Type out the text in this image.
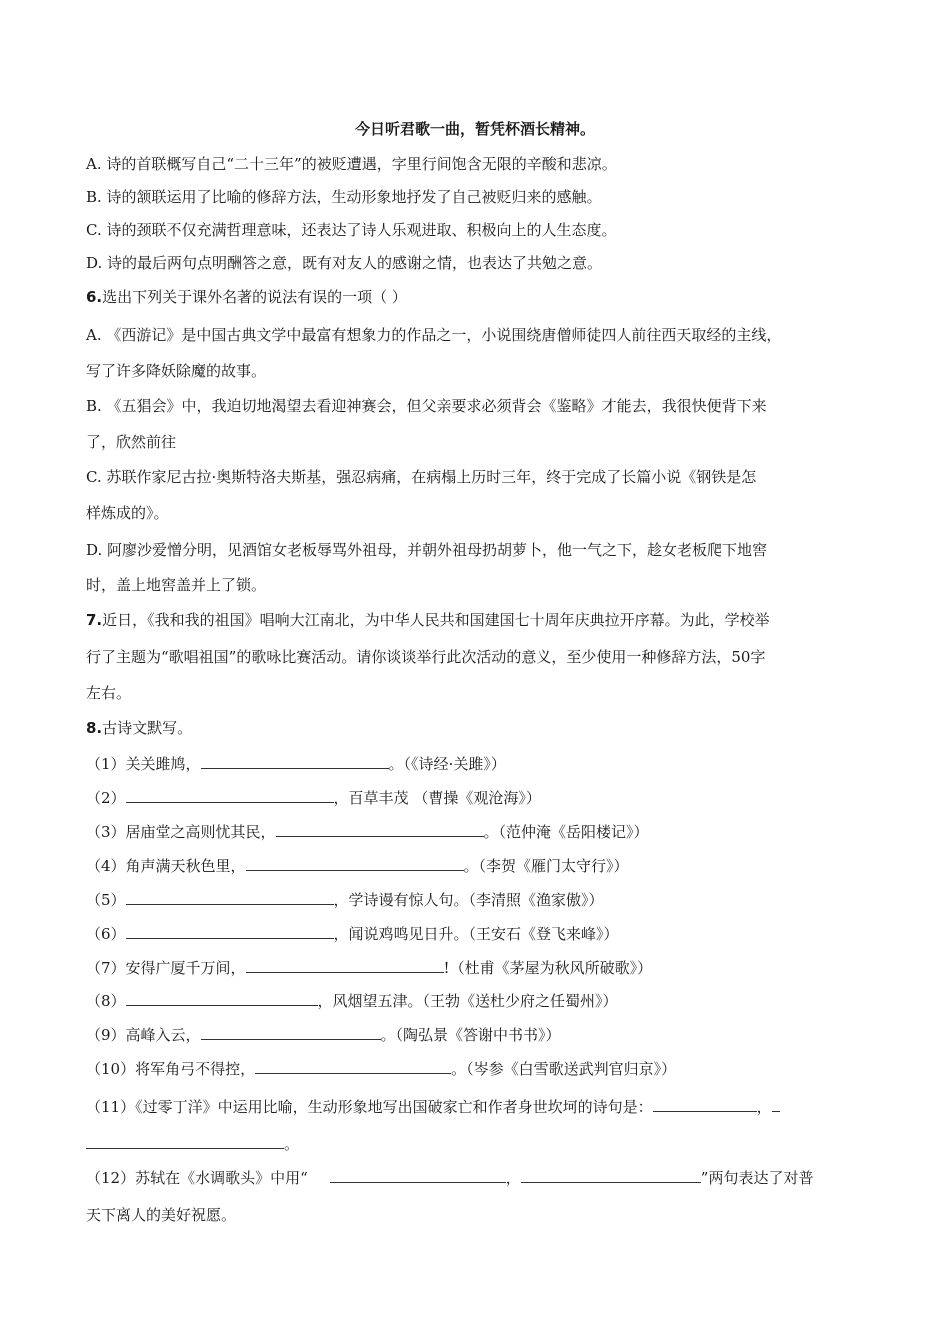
今日听君歌一曲，暂凭杯酒长精神。
A. 诗的首联概写自己“二十三年”的被贬遭遇，字里行间饱含无限的辛酸和悲凉。
B. 诗的颔联运用了比喻的修辞方法，生动形象地抒发了自己被贬归来的感触。
C. 诗的颈联不仅充满哲理意味，还表达了诗人乐观进取、积极向上的人生态度。
D. 诗的最后两句点明酬答之意，既有对友人的感谢之情，也表达了共勉之意。
6.选出下列关于课外名著的说法有误的一项（ ）
A. 《西游记》是中国古典文学中最富有想象力的作品之一，小说围绕唐僧师徒四人前往西天取经的主线，
写了许多降妖除魔的故事。
B. 《五猖会》中，我迫切地渴望去看迎神赛会，但父亲要求必须背会《鉴略》才能去，我很快便背下来
了，欣然前往
C. 苏联作家尼古拉·奥斯特洛夫斯基，强忍病痛，在病榻上历时三年，终于完成了长篇小说《钢铁是怎
样炼成的》。
D. 阿廖沙爱憎分明，见酒馆女老板辱骂外祖母，并朝外祖母扔胡萝卜，他一气之下，趁女老板爬下地窖
时，盖上地窖盖并上了锁。
7.近日，《我和我的祖国》唱响大江南北，为中华人民共和国建国七十周年庆典拉开序幕。为此，学校举
行了主题为“歌唱祖国”的歌咏比赛活动。请你谈谈举行此次活动的意义，至少使用一种修辞方法，50字
左右。
8.古诗文默写。
（1）关关雎鸠，	。（《诗经·关雎》）
（2）	，百草丰茂 （曹操《观沧海》）
（3）居庙堂之高则忧其民，	。（范仲淹《岳阳楼记》）
（4）角声满天秋色里，	。（李贺《雁门太守行》）
（5）	，学诗谩有惊人句。（李清照《渔家傲》）
（6）	，闻说鸡鸣见日升。（王安石《登飞来峰》）
（7）安得广厦千万间，	!（杜甫《茅屋为秋风所破歌》）
（8）	，风烟望五津。（王勃《送杜少府之任蜀州》）
（9）高峰入云，	。（陶弘景《答谢中书书》）
（10）将军角弓不得控，	。（岑参《白雪歌送武判官归京》）
（11）《过零丁洋》中运用比喻，生动形象地写出国破家亡和作者身世坎坷的诗句是：	，
。
（12）苏轼在《水调歌头》中用“	，	”两句表达了对普
天下离人的美好祝愿。
